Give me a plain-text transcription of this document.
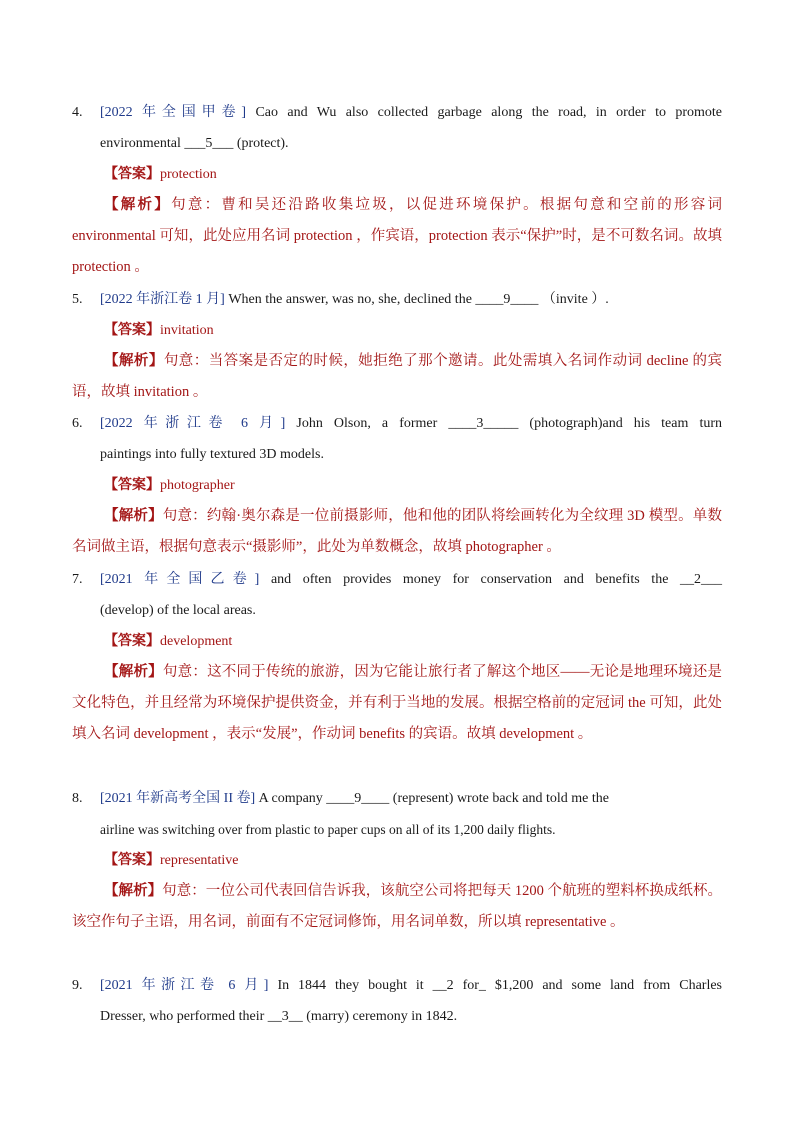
4.	[2022 年全国甲卷] Cao and Wu also collected garbage along the road, in order to promote
environmental ___5___ (protect).
【答案】protection
【解析】句意：曹和吴还沿路收集垃圾，以促进环境保护。根据句意和空前的形容词environmental 可知，此处应用名词 protection ，作宾语，protection 表示“保护”时，是不可数名词。故填 protection 。
5.	[2022 年浙江卷 1 月] When the answer, was no, she, declined the ____9____ （invite ）.
【答案】invitation
【解析】句意：当答案是否定的时候，她拒绝了那个邀请。此处需填入名词作动词 decline 的宾语，故填 invitation 。
6.	[2022 年浙江卷 6 月] John Olson, a former ____3_____ (photograph)and his team turn
paintings into fully textured 3D models.
【答案】photographer
【解析】句意：约翰·奥尔森是一位前摄影师，他和他的团队将绘画转化为全纹理 3D 模型。单数名词做主语，根据句意表示“摄影师”，此处为单数概念，故填 photographer 。
7.	[2021 年全国乙卷] and often provides money for conservation and benefits the __2___
(develop) of the local areas.
【答案】development
【解析】句意：这不同于传统的旅游，因为它能让旅行者了解这个地区——无论是地理环境还是文化特色，并且经常为环境保护提供资金，并有利于当地的发展。根据空格前的定冠词 the 可知，此处填入名词 development ，表示“发展”，作动词 benefits 的宾语。故填 development 。
8.	[2021 年新高考全国 II 卷] A company ____9____ (represent) wrote back and told me the
airline was switching over from plastic to paper cups on all of its 1,200 daily flights.
【答案】representative
【解析】句意：一位公司代表回信告诉我，该航空公司将把每天 1200 个航班的塑料杯换成纸杯。该空作句子主语，用名词，前面有不定冠词修饰，用名词单数，所以填 representative 。
9.	[2021 年浙江卷 6 月] In 1844 they bought it __2 for_ $1,200 and some land from Charles
Dresser, who performed their __3__ (marry) ceremony in 1842.
